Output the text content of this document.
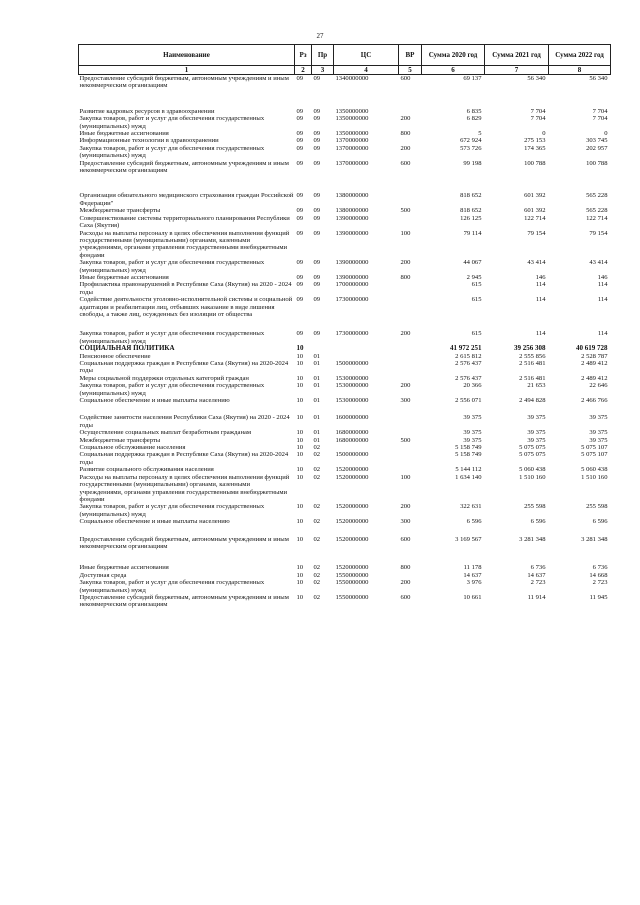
27
Наименование	Рз	Пр	ЦС	ВР	Сумма 2020 год	Сумма 2021 год	Сумма 2022 год
1	2	3	4	5	6	7	8
Предоставление субсидий бюджетным, автономным учреждениям и иным некоммерческим организациям	09	09	1340000000	600	69 137	56 340	56 340
Развитие кадровых ресурсов в здравоохранении	09	09	1350000000		6 835	7 704	7 704
Закупка товаров, работ и услуг для обеспечения государственных (муниципальных) нужд	09	09	1350000000	200	6 829	7 704	7 704
Иные бюджетные ассигнования	09	09	1350000000	800	5	0	0
Информационные технологии в здравоохранении	09	09	1370000000		672 924	275 153	303 745
Закупка товаров, работ и услуг для обеспечения государственных (муниципальных) нужд	09	09	1370000000	200	573 726	174 365	202 957
Предоставление субсидий бюджетным, автономным учреждениям и иным некоммерческим организациям	09	09	1370000000	600	99 198	100 788	100 788
Организация обязательного медицинского страхования граждан Российской Федерации"	09	09	1380000000		818 652	601 392	565 228
Межбюджетные трансферты	09	09	1380000000	500	818 652	601 392	565 228
Совершенствование системы территориального планирования Республики Саха (Якутия)	09	09	1390000000		126 125	122 714	122 714
Расходы на выплаты персоналу в целях обеспечения выполнения функций государственными (муниципальными) органами, казенными учреждениями, органами управления государственными внебюджетными фондами	09	09	1390000000	100	79 114	79 154	79 154
Закупка товаров, работ и услуг для обеспечения государственных (муниципальных) нужд	09	09	1390000000	200	44 067	43 414	43 414
Иные бюджетные ассигнования	09	09	1390000000	800	2 945	146	146
Профилактика правонарушений в Республике Саха (Якутия) на 2020 - 2024 годы	09	09	1700000000		615	114	114
Содействие деятельности уголовно-исполнительной системы и социальной адаптации и реабилитации лиц, отбывших наказание в виде лишения свободы, а также лиц, осужденных без изоляции от общества	09	09	1730000000		615	114	114
Закупка товаров, работ и услуг для обеспечения государственных (муниципальных) нужд	09	09	1730000000	200	615	114	114
СОЦИАЛЬНАЯ ПОЛИТИКА	10				41 972 251	39 256 308	40 619 728
Пенсионное обеспечение	10	01			2 615 812	2 555 856	2 528 787
Социальная поддержка граждан в Республике Саха (Якутия) на 2020-2024 годы	10	01	1500000000		2 576 437	2 516 481	2 489 412
Меры социальной поддержки отдельных категорий граждан	10	01	1530000000		2 576 437	2 516 481	2 489 412
Закупка товаров, работ и услуг для обеспечения государственных (муниципальных) нужд	10	01	1530000000	200	20 366	21 653	22 646
Социальное обеспечение и иные выплаты населению	10	01	1530000000	300	2 556 071	2 494 828	2 466 766
Содействие занятости населения Республики Саха (Якутия) на 2020 - 2024 годы	10	01	1600000000		39 375	39 375	39 375
Осуществление социальных выплат безработным гражданам	10	01	1680000000		39 375	39 375	39 375
Межбюджетные трансферты	10	01	1680000000	500	39 375	39 375	39 375
Социальное обслуживание населения	10	02			5 158 749	5 075 075	5 075 107
Социальная поддержка граждан в Республике Саха (Якутия) на 2020-2024 годы	10	02	1500000000		5 158 749	5 075 075	5 075 107
Развитие социального обслуживания населения	10	02	1520000000		5 144 112	5 060 438	5 060 438
Расходы на выплаты персоналу в целях обеспечения выполнения функций государственными (муниципальными) органами, казенными учреждениями, органами управления государственными внебюджетными фондами	10	02	1520000000	100	1 634 140	1 510 160	1 510 160
Закупка товаров, работ и услуг для обеспечения государственных (муниципальных) нужд	10	02	1520000000	200	322 631	255 598	255 598
Социальное обеспечение и иные выплаты населению	10	02	1520000000	300	6 596	6 596	6 596
Предоставление субсидий бюджетным, автономным учреждениям и иным некоммерческим организациям	10	02	1520000000	600	3 169 567	3 281 348	3 281 348
Иные бюджетные ассигнования	10	02	1520000000	800	11 178	6 736	6 736
Доступная среда	10	02	1550000000		14 637	14 637	14 668
Закупка товаров, работ и услуг для обеспечения государственных (муниципальных) нужд	10	02	1550000000	200	3 976	2 723	2 723
Предоставление субсидий бюджетным, автономным учреждениям и иным некоммерческим организациям	10	02	1550000000	600	10 661	11 914	11 945
